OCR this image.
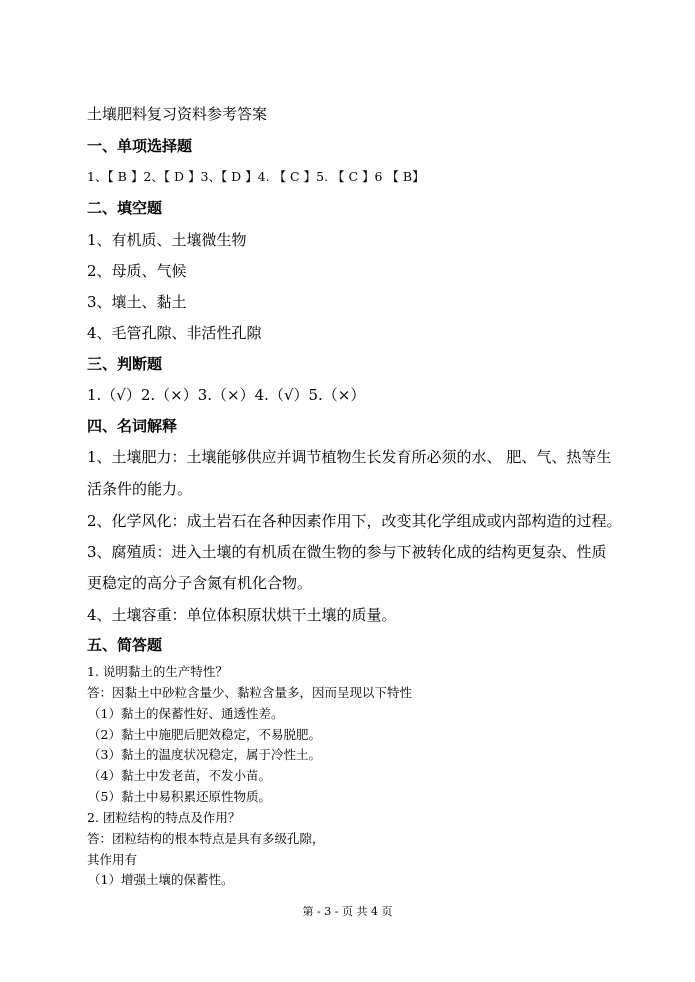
土壤肥料复习资料参考答案
一、单项选择题
1、【 B 】2、【 D 】3、【 D 】4. 【 C 】5. 【 C 】6 【 B】
二、填空题
1、有机质、土壤微生物
2、母质、气候
3、壤土、黏土
4、毛管孔隙、非活性孔隙
三、判断题
1.（√）2.（×）3.（×）4.（√）5.（×）
四、名词解释
1、土壤肥力：土壤能够供应并调节植物生长发育所必须的水、 肥、气、热等生
活条件的能力。
2、化学风化：成土岩石在各种因素作用下，改变其化学组成或内部构造的过程。
3、腐殖质：进入土壤的有机质在微生物的参与下被转化成的结构更复杂、性质
更稳定的高分子含氮有机化合物。
4、土壤容重：单位体积原状烘干土壤的质量。
五、简答题
1. 说明黏土的生产特性？
答：因黏土中砂粒含量少、黏粒含量多，因而呈现以下特性
（1）黏土的保蓄性好、通透性差。
（2）黏土中施肥后肥效稳定，不易脱肥。
（3）黏土的温度状况稳定，属于冷性土。
（4）黏土中发老苗，不发小苗。
（5）黏土中易积累还原性物质。
2. 团粒结构的特点及作用？
答：团粒结构的根本特点是具有多级孔隙，
其作用有
（1）增强土壤的保蓄性。
第 - 3 - 页 共 4 页
